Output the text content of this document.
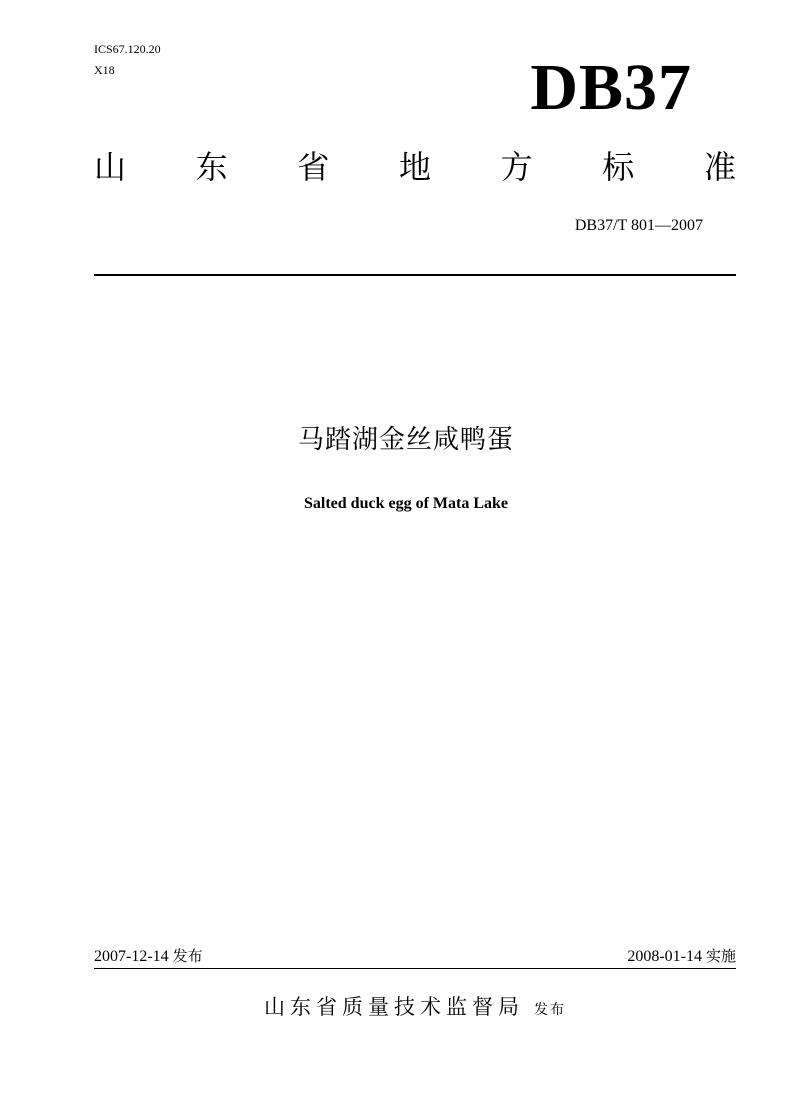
ICS67.120.20
X18	DB37
山 东 省 地 方 标 准
DB37/T 801—2007
马踏湖金丝咸鸭蛋
Salted duck egg of Mata Lake
2007-12-14 发布	2008-01-14 实施
山东省质量技术监督局 发布
